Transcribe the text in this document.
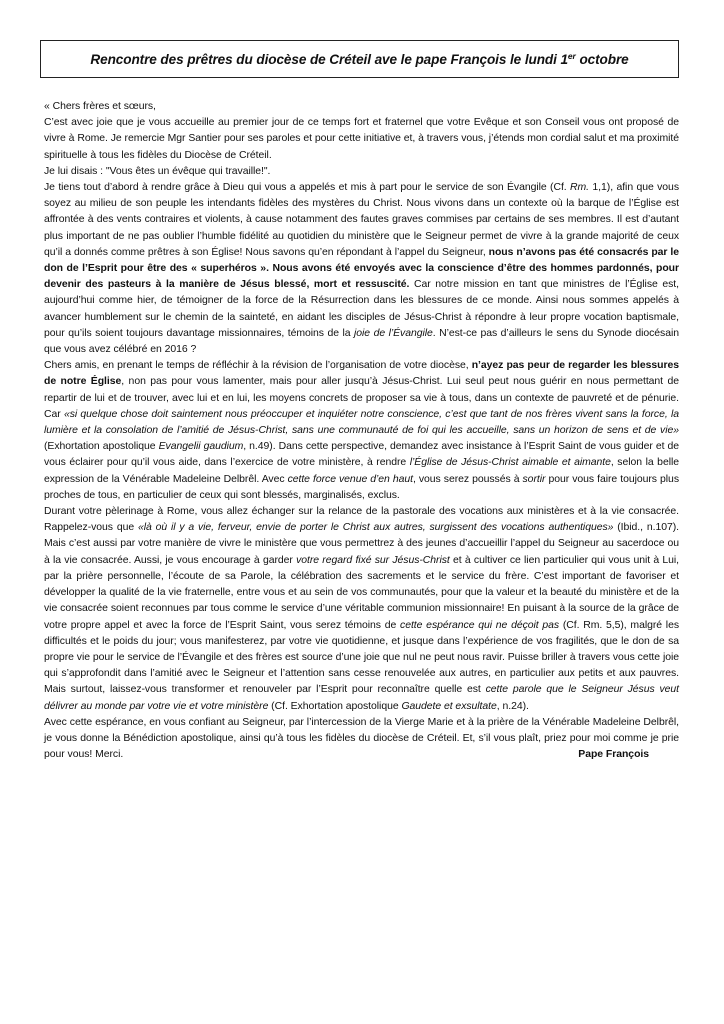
Rencontre des prêtres du diocèse de Créteil ave le pape François le lundi 1er octobre

« Chers frères et sœurs,

C’est avec joie que je vous accueille au premier jour de ce temps fort et fraternel que votre Evêque et son Conseil vous ont proposé de vivre à Rome. Je remercie Mgr Santier pour ses paroles et pour cette initiative et, à travers vous, j’étends mon cordial salut et ma proximité spirituelle à tous les fidèles du Diocèse de Créteil.

Je lui disais : "Vous êtes un évêque qui travaille!".

Je tiens tout d’abord à rendre grâce à Dieu qui vous a appelés et mis à part pour le service de son Évangile (Cf. Rm. 1,1), afin que vous soyez au milieu de son peuple les intendants fidèles des mystères du Christ. Nous vivons dans un contexte où la barque de l’Église est affrontée à des vents contraires et violents, à cause notamment des fautes graves commises par certains de ses membres. Il est d’autant plus important de ne pas oublier l’humble fidélité au quotidien du ministère que le Seigneur permet de vivre à la grande majorité de ceux qu’il a donnés comme prêtres à son Église! Nous savons qu’en répondant à l’appel du Seigneur, nous n’avons pas été consacrés par le don de l’Esprit pour être des « superhéros ». Nous avons été envoyés avec la conscience d’être des hommes pardonnés, pour devenir des pasteurs à la manière de Jésus blessé, mort et ressuscité. Car notre mission en tant que ministres de l’Église est, aujourd’hui comme hier, de témoigner de la force de la Résurrection dans les blessures de ce monde. Ainsi nous sommes appelés à avancer humblement sur le chemin de la sainteté, en aidant les disciples de Jésus-Christ à répondre à leur propre vocation baptismale, pour qu’ils soient toujours davantage missionnaires, témoins de la joie de l’Évangile. N’est-ce pas d’ailleurs le sens du Synode diocésain que vous avez célébré en 2016 ?

Chers amis, en prenant le temps de réfléchir à la révision de l’organisation de votre diocèse, n’ayez pas peur de regarder les blessures de notre Église, non pas pour vous lamenter, mais pour aller jusqu’à Jésus-Christ. Lui seul peut nous guérir en nous permettant de repartir de lui et de trouver, avec lui et en lui, les moyens concrets de proposer sa vie à tous, dans un contexte de pauvreté et de pénurie. Car «si quelque chose doit saintement nous préoccuper et inquiéter notre conscience, c’est que tant de nos frères vivent sans la force, la lumière et la consolation de l’amitié de Jésus-Christ, sans une communauté de foi qui les accueille, sans un horizon de sens et de vie» (Exhortation apostolique Evangelii gaudium, n.49). Dans cette perspective, demandez avec insistance à l’Esprit Saint de vous guider et de vous éclairer pour qu’il vous aide, dans l’exercice de votre ministère, à rendre l’Église de Jésus-Christ aimable et aimante, selon la belle expression de la Vénérable Madeleine Delbrêl. Avec cette force venue d’en haut, vous serez poussés à sortir pour vous faire toujours plus proches de tous, en particulier de ceux qui sont blessés, marginalisés, exclus.

Durant votre pèlerinage à Rome, vous allez échanger sur la relance de la pastorale des vocations aux ministères et à la vie consacrée. Rappelez-vous que «là où il y a vie, ferveur, envie de porter le Christ aux autres, surgissent des vocations authentiques» (Ibid., n.107). Mais c’est aussi par votre manière de vivre le ministère que vous permettrez à des jeunes d’accueillir l’appel du Seigneur au sacerdoce ou à la vie consacrée. Aussi, je vous encourage à garder votre regard fixé sur Jésus-Christ et à cultiver ce lien particulier qui vous unit à Lui, par la prière personnelle, l’écoute de sa Parole, la célébration des sacrements et le service du frère. C’est important de favoriser et développer la qualité de la vie fraternelle, entre vous et au sein de vos communautés, pour que la valeur et la beauté du ministère et de la vie consacrée soient reconnues par tous comme le service d’une véritable communion missionnaire! En puisant à la source de la grâce de votre propre appel et avec la force de l’Esprit Saint, vous serez témoins de cette espérance qui ne déçoit pas (Cf. Rm. 5,5), malgré les difficultés et le poids du jour; vous manifesterez, par votre vie quotidienne, et jusque dans l’expérience de vos fragilités, que le don de sa propre vie pour le service de l’Évangile et des frères est source d’une joie que nul ne peut nous ravir. Puisse briller à travers vous cette joie qui s’approfondit dans l’amitié avec le Seigneur et l’attention sans cesse renouvelée aux autres, en particulier aux petits et aux pauvres. Mais surtout, laissez-vous transformer et renouveler par l’Esprit pour reconnaître quelle est cette parole que le Seigneur Jésus veut délivrer au monde par votre vie et votre ministère (Cf. Exhortation apostolique Gaudete et exsultate, n.24).

Avec cette espérance, en vous confiant au Seigneur, par l’intercession de la Vierge Marie et à la prière de la Vénérable Madeleine Delbrêl, je vous donne la Bénédiction apostolique, ainsi qu’à tous les fidèles du diocèse de Créteil. Et, s’il vous plaît, priez pour moi comme je prie pour vous! Merci.	Pape François
